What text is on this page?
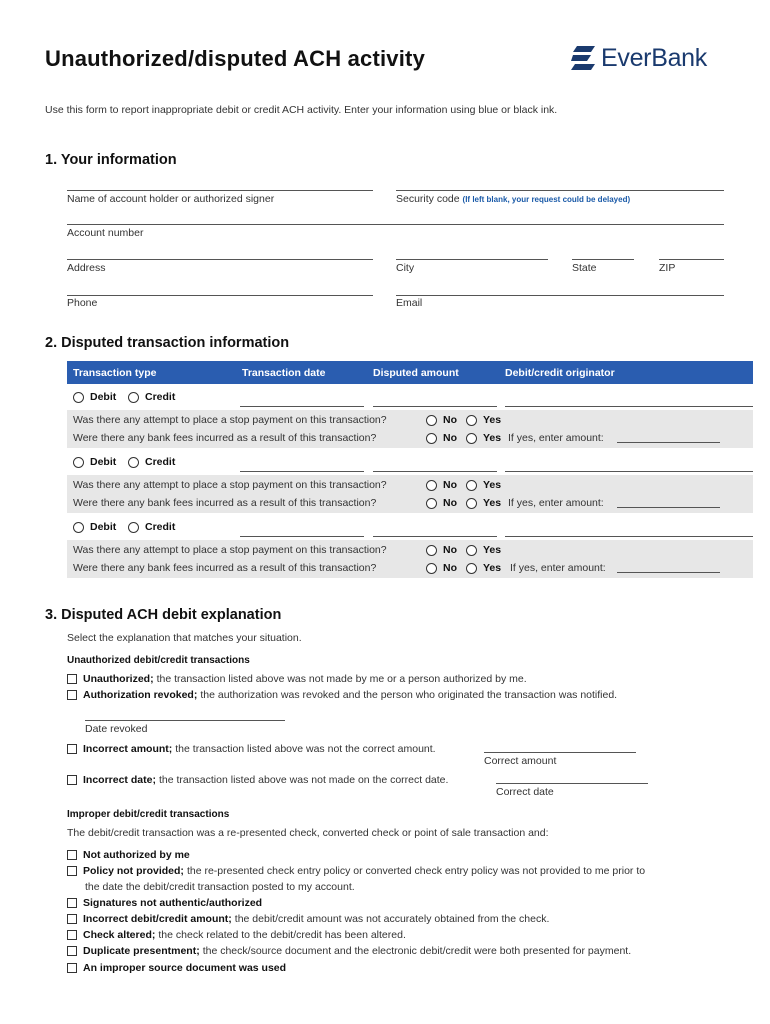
Unauthorized/disputed ACH activity	EverBank
Use this form to report inappropriate debit or credit ACH activity. Enter your information using blue or black ink.
1. Your information
Name of account holder or authorized signer	Security code (If left blank, your request could be delayed)
Account number
Address	City	State	ZIP
Phone	Email
2. Disputed transaction information
Transaction type	Transaction date	Disputed amount	Debit/credit originator
Debit	Credit
Was there any attempt to place a stop payment on this transaction?	No Yes
Were there any bank fees incurred as a result of this transaction?	No Yes If yes, enter amount:
Debit	Credit
Was there any attempt to place a stop payment on this transaction?	No Yes
Were there any bank fees incurred as a result of this transaction?	No Yes If yes, enter amount:
Debit	Credit
Was there any attempt to place a stop payment on this transaction?	No Yes
Were there any bank fees incurred as a result of this transaction?	No Yes If yes, enter amount:
3. Disputed ACH debit explanation
Select the explanation that matches your situation.
Unauthorized debit/credit transactions
Unauthorized; the transaction listed above was not made by me or a person authorized by me.
Authorization revoked; the authorization was revoked and the person who originated the transaction was notified.
Date revoked
Incorrect amount; the transaction listed above was not the correct amount.
Correct amount
Incorrect date; the transaction listed above was not made on the correct date.
Correct date
Improper debit/credit transactions
The debit/credit transaction was a re-presented check, converted check or point of sale transaction and:
Not authorized by me
Policy not provided; the re-presented check entry policy or converted check entry policy was not provided to me prior to
the date the debit/credit transaction posted to my account.
Signatures not authentic/authorized
Incorrect debit/credit amount; the debit/credit amount was not accurately obtained from the check.
Check altered; the check related to the debit/credit has been altered.
Duplicate presentment; the check/source document and the electronic debit/credit were both presented for payment.
An improper source document was used
